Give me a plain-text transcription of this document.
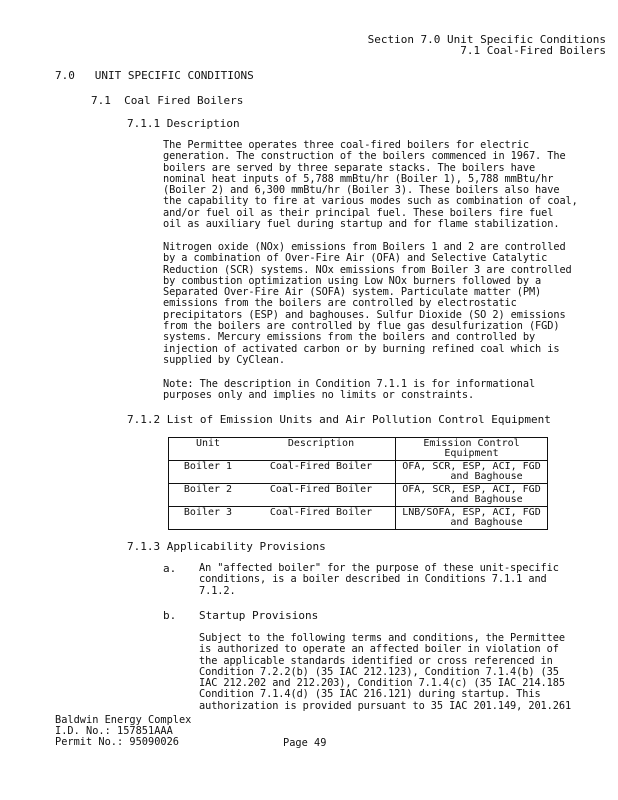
Section 7.0 Unit Specific Conditions
7.1 Coal-Fired Boilers
7.0 UNIT SPECIFIC CONDITIONS
7.1 Coal Fired Boilers
7.1.1 Description
The Permittee operates three coal-fired boilers for electric
generation. The construction of the boilers commenced in 1967. The
boilers are served by three separate stacks. The boilers have
nominal heat inputs of 5,788 mmBtu/hr (Boiler 1), 5,788 mmBtu/hr
(Boiler 2) and 6,300 mmBtu/hr (Boiler 3). These boilers also have
the capability to fire at various modes such as combination of coal,
and/or fuel oil as their principal fuel. These boilers fire fuel
oil as auxiliary fuel during startup and for flame stabilization.
Nitrogen oxide (NOx) emissions from Boilers 1 and 2 are controlled
by a combination of Over-Fire Air (OFA) and Selective Catalytic
Reduction (SCR) systems. NOx emissions from Boiler 3 are controlled
by combustion optimization using Low NOx burners followed by a
Separated Over-Fire Air (SOFA) system. Particulate matter (PM)
emissions from the boilers are controlled by electrostatic
precipitators (ESP) and baghouses. Sulfur Dioxide (SO 2) emissions
from the boilers are controlled by flue gas desulfurization (FGD)
systems. Mercury emissions from the boilers and controlled by
injection of activated carbon or by burning refined coal which is
supplied by CyClean.
Note: The description in Condition 7.1.1 is for informational
purposes only and implies no limits or constraints.
7.1.2 List of Emission Units and Air Pollution Control Equipment
Unit	Description	Emission Control
Equipment
Boiler 1	Coal-Fired Boiler	OFA, SCR, ESP, ACI, FGD
and Baghouse
Boiler 2	Coal-Fired Boiler	OFA, SCR, ESP, ACI, FGD
and Baghouse
Boiler 3	Coal-Fired Boiler	LNB/SOFA, ESP, ACI, FGD
and Baghouse
7.1.3 Applicability Provisions
a. An "affected boiler" for the purpose of these unit-specific
conditions, is a boiler described in Conditions 7.1.1 and
7.1.2.
b. Startup Provisions
Subject to the following terms and conditions, the Permittee
is authorized to operate an affected boiler in violation of
the applicable standards identified or cross referenced in
Condition 7.2.2(b) (35 IAC 212.123), Condition 7.1.4(b) (35
IAC 212.202 and 212.203), Condition 7.1.4(c) (35 IAC 214.185
Condition 7.1.4(d) (35 IAC 216.121) during startup. This
authorization is provided pursuant to 35 IAC 201.149, 201.261
Baldwin Energy Complex
I.D. No.: 157851AAA
Permit No.: 95090026	Page 49
